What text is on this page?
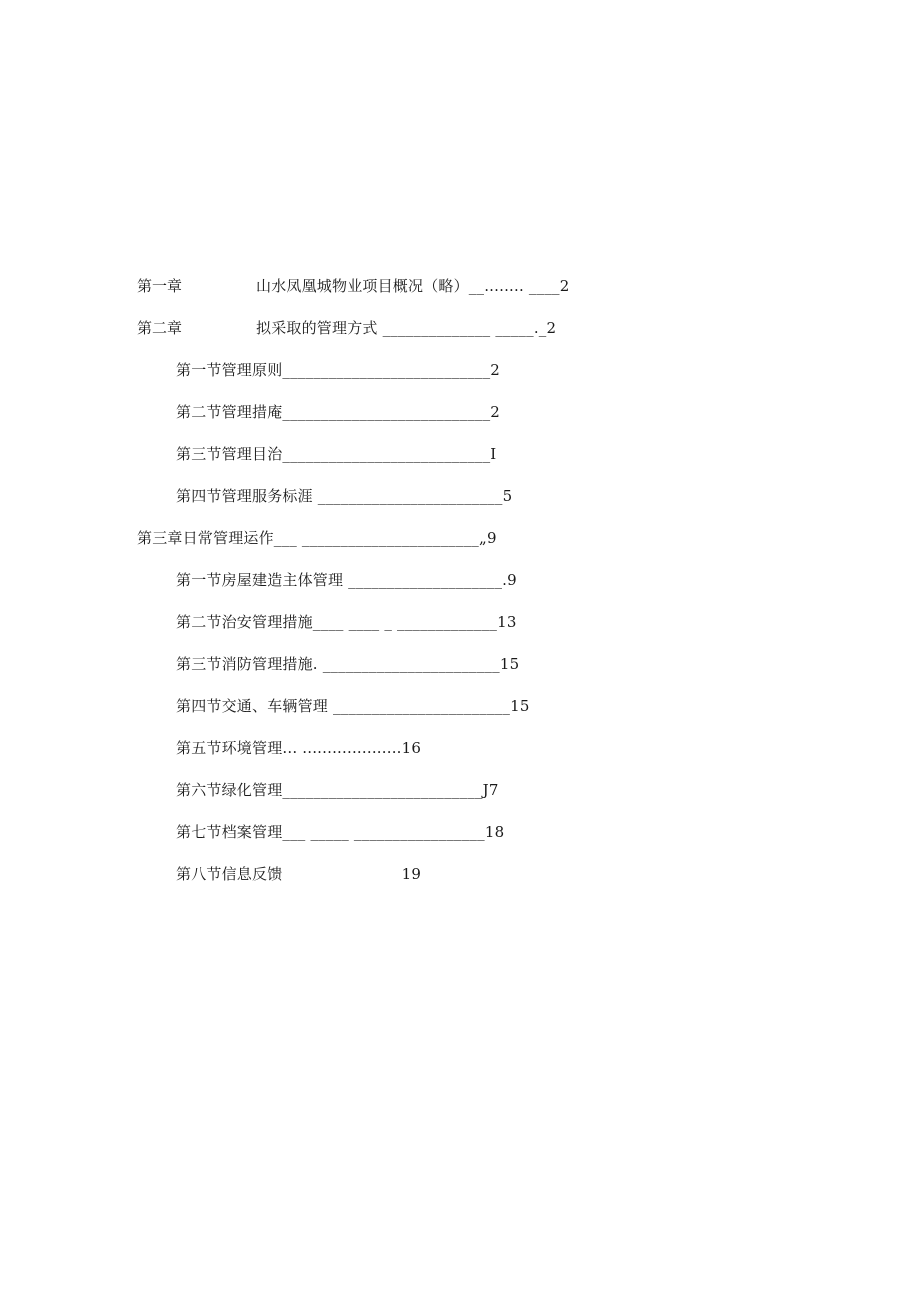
第一章	山水凤凰城物业项目概况（略）__........ ____2
第二章	拟采取的管理方式 ______________ _____._2
第一节管理原则___________________________2
第二节管理措庵___________________________2
第三节管理目治___________________________I
第四节管理服务标涯 ________________________5
第三章日常管理运作___ _______________________„9
第一节房屋建造主体管理 ____________________.9
第二节治安管理措施____ ____ _ _____________13
第三节消防管理措施. _______________________15
第四节交通、车辆管理 _______________________15
第五节环境管理... ....................16
第六节绿化管理__________________________J7
第七节档案管理___ _____ _________________18
第八节信息反馈                        19
